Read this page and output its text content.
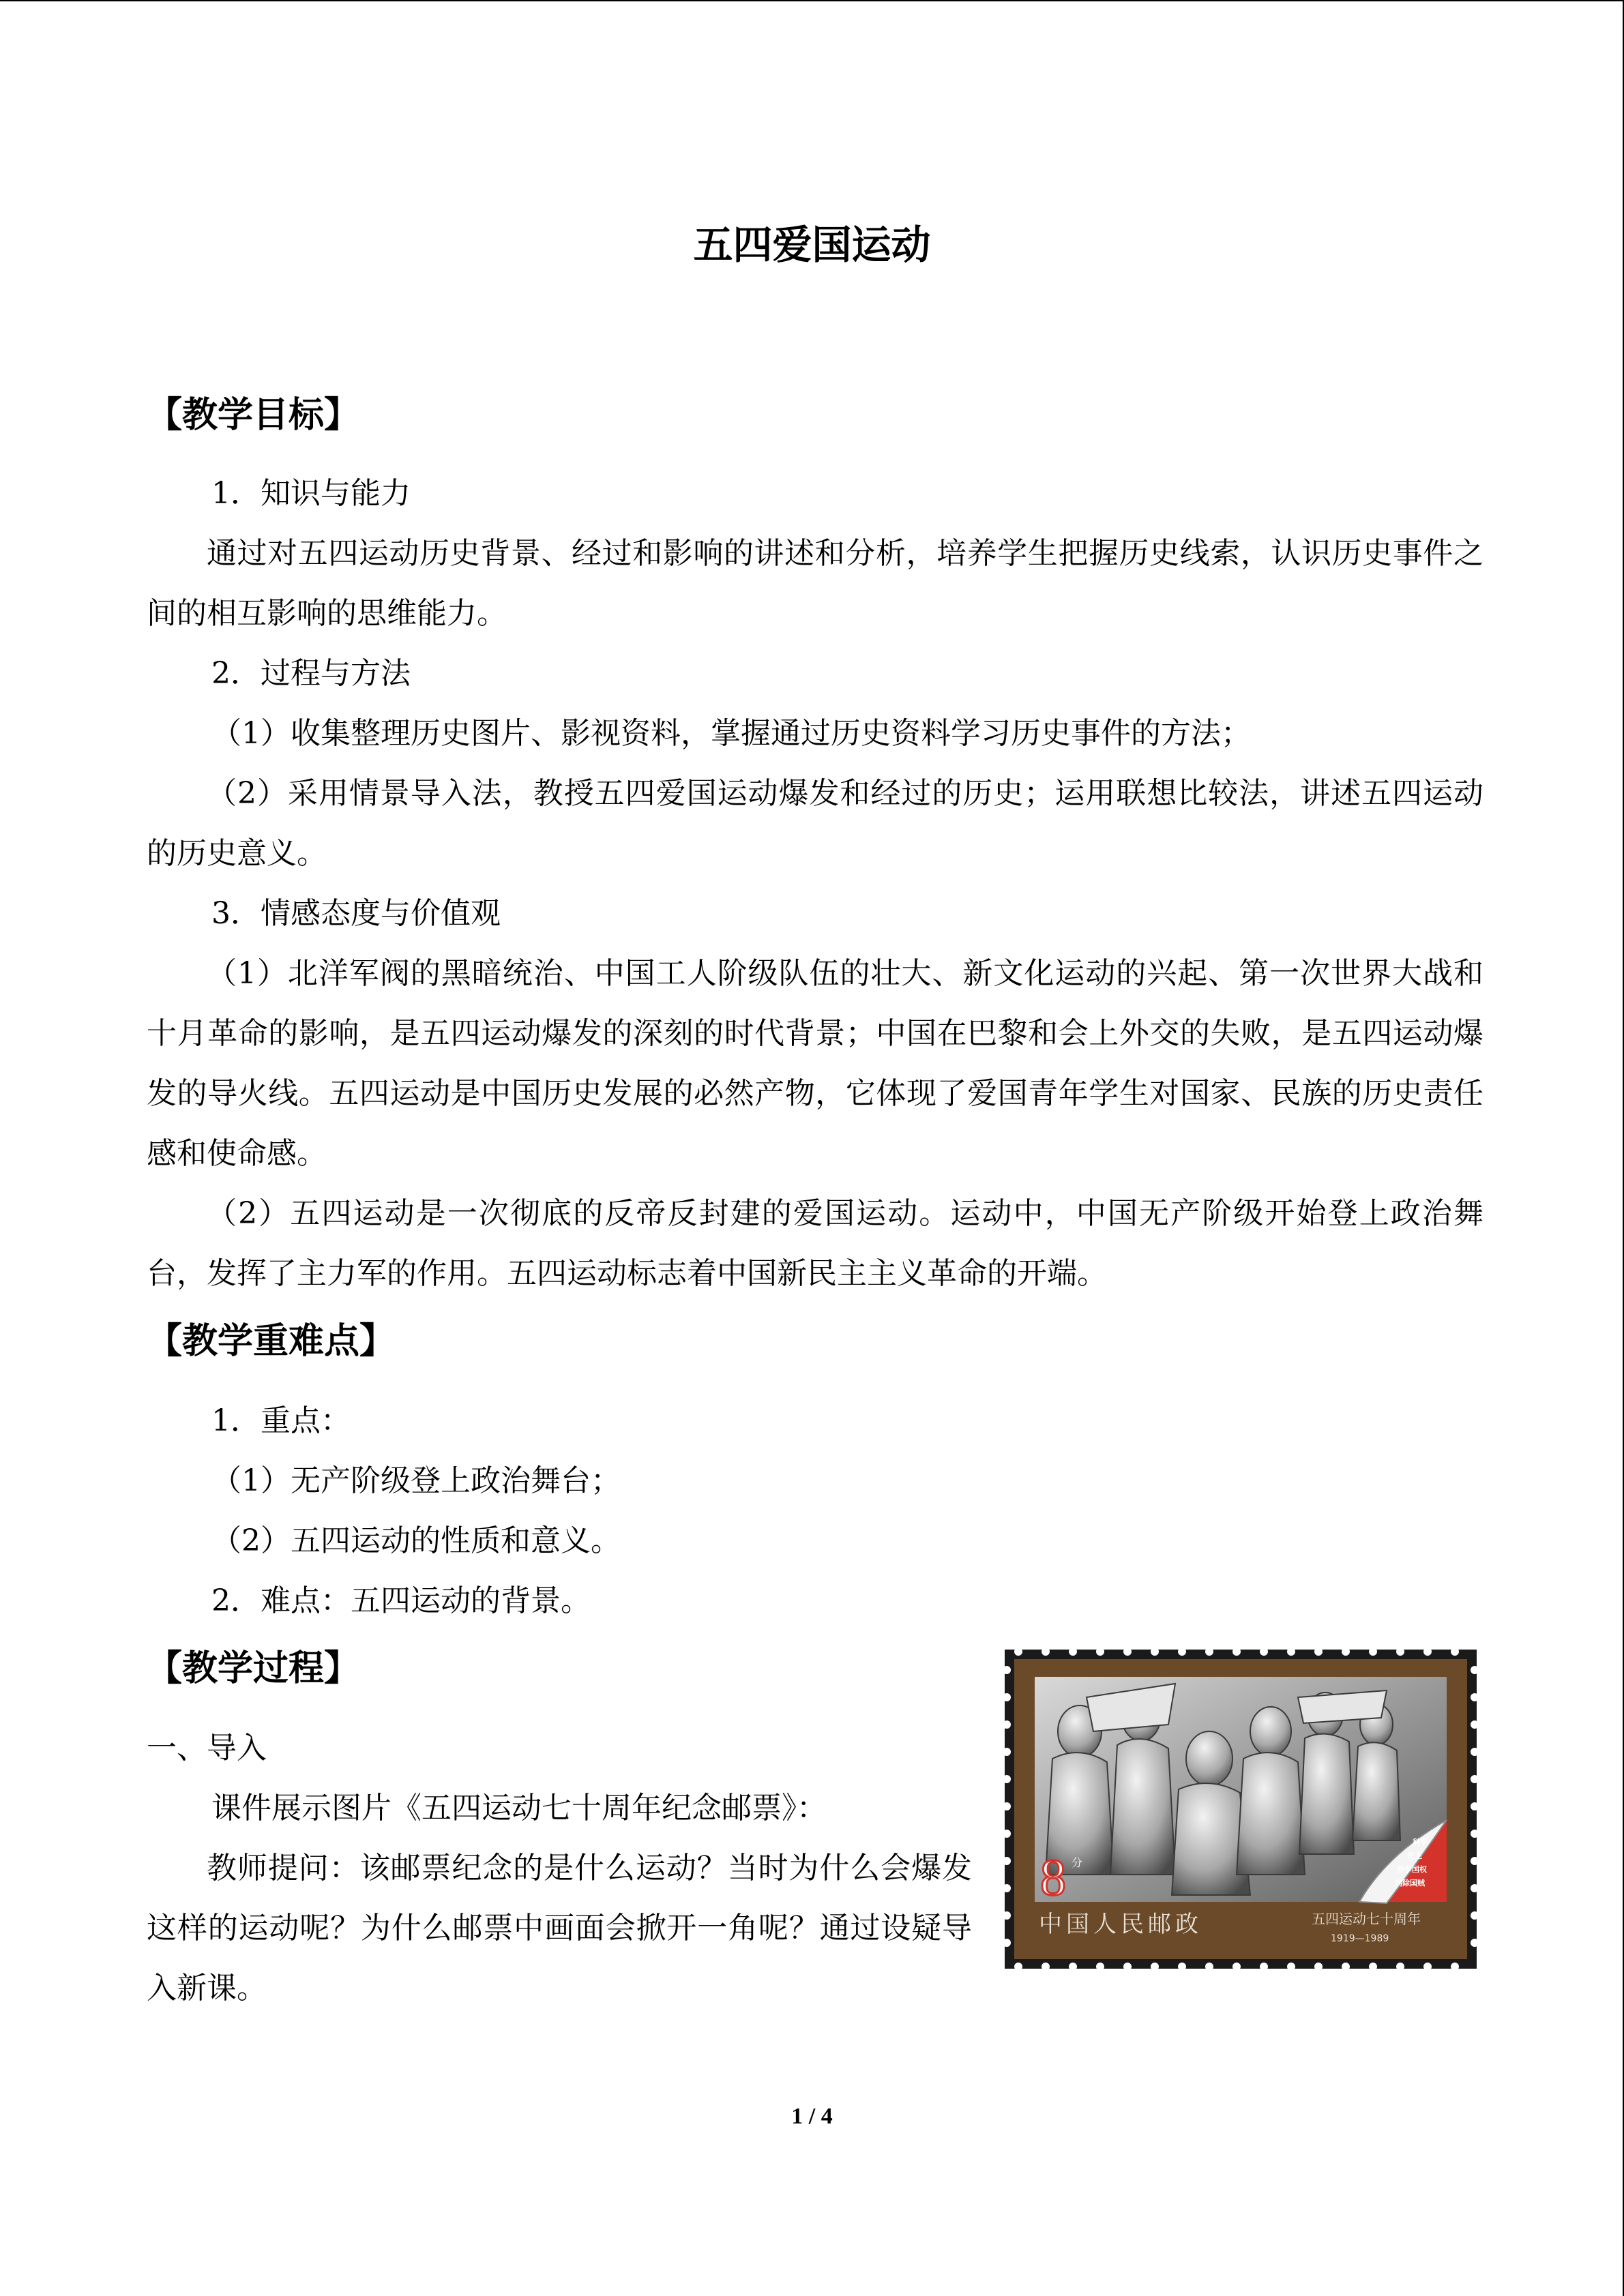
五四爱国运动
【教学目标】

1．知识与能力

通过对五四运动历史背景、经过和影响的讲述和分析，培养学生把握历史线索，认识历史事件之间的相互影响的思维能力。

2．过程与方法

（1）收集整理历史图片、影视资料，掌握通过历史资料学习历史事件的方法；

（2）采用情景导入法，教授五四爱国运动爆发和经过的历史；运用联想比较法，讲述五四运动的历史意义。

3．情感态度与价值观

（1）北洋军阀的黑暗统治、中国工人阶级队伍的壮大、新文化运动的兴起、第一次世界大战和十月革命的影响，是五四运动爆发的深刻的时代背景；中国在巴黎和会上外交的失败，是五四运动爆发的导火线。五四运动是中国历史发展的必然产物，它体现了爱国青年学生对国家、民族的历史责任感和使命感。

（2）五四运动是一次彻底的反帝反封建的爱国运动。运动中，中国无产阶级开始登上政治舞台，发挥了主力军的作用。五四运动标志着中国新民主主义革命的开端。

【教学重难点】

1．重点：

（1）无产阶级登上政治舞台；

（2）五四运动的性质和意义。

2．难点：五四运动的背景。

【教学过程】

一、导入

课件展示图片《五四运动七十周年纪念邮票》：

教师提问：该邮票纪念的是什么运动？当时为什么会爆发这样的运动呢？为什么邮票中画面会掀开一角呢？通过设疑导入新课。

科学
民主
外争国权
内除国贼
8 分
中国人民邮政	五四运动七十周年
1919—1989

1 / 4
